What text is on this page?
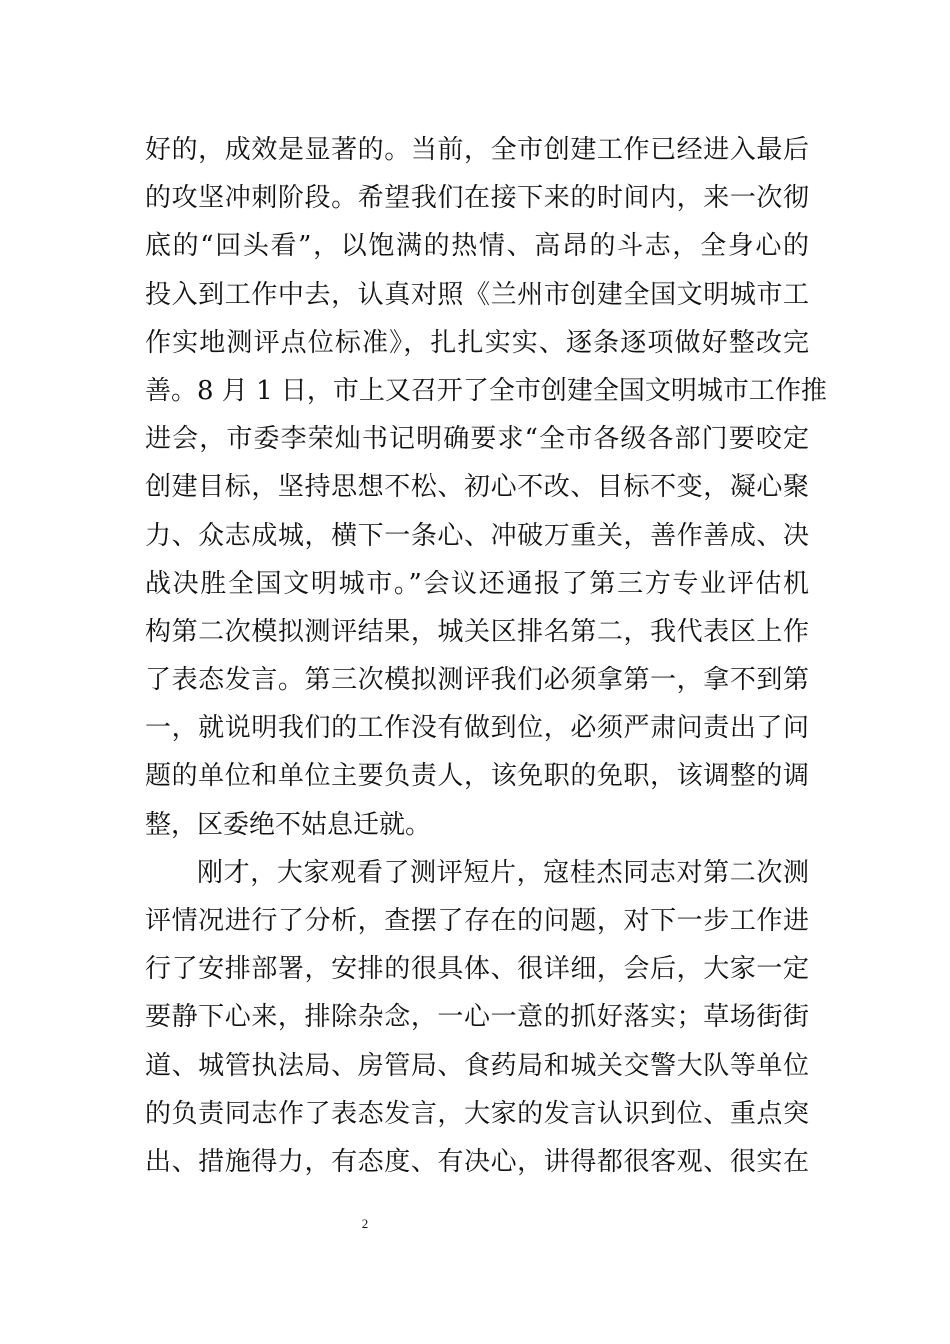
好的，成效是显著的。当前，全市创建工作已经进入最后
的攻坚冲刺阶段。希望我们在接下来的时间内，来一次彻
底的“回头看”，以饱满的热情、高昂的斗志，全身心的
投入到工作中去，认真对照《兰州市创建全国文明城市工
作实地测评点位标准》，扎扎实实、逐条逐项做好整改完
善。8 月 1 日，市上又召开了全市创建全国文明城市工作推
进会，市委李荣灿书记明确要求“全市各级各部门要咬定
创建目标，坚持思想不松、初心不改、目标不变，凝心聚
力、众志成城，横下一条心、冲破万重关，善作善成、决
战决胜全国文明城市。”会议还通报了第三方专业评估机
构第二次模拟测评结果，城关区排名第二，我代表区上作
了表态发言。第三次模拟测评我们必须拿第一，拿不到第
一，就说明我们的工作没有做到位，必须严肃问责出了问
题的单位和单位主要负责人，该免职的免职，该调整的调
整，区委绝不姑息迁就。
刚才，大家观看了测评短片，寇桂杰同志对第二次测
评情况进行了分析，查摆了存在的问题，对下一步工作进
行了安排部署，安排的很具体、很详细，会后，大家一定
要静下心来，排除杂念，一心一意的抓好落实；草场街街
道、城管执法局、房管局、食药局和城关交警大队等单位
的负责同志作了表态发言，大家的发言认识到位、重点突
出、措施得力，有态度、有决心，讲得都很客观、很实在
2
